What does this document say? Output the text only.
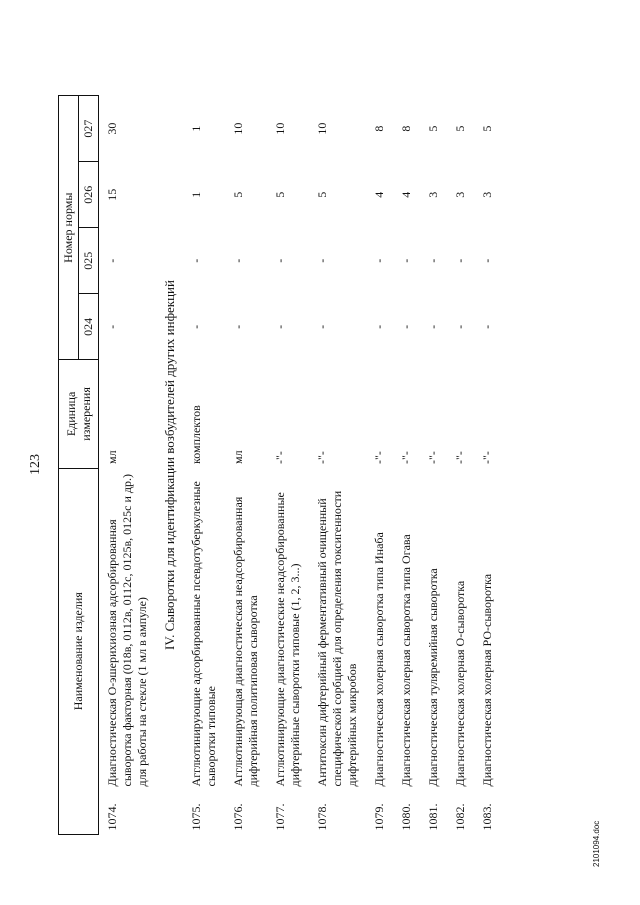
123
Наименование изделия		Единица
измерения	Номер нормы			
			024	025	026	027
1074.	Диагностическая О-эшерихиозная адсорбированная сыворотка факторная (018в, 0112в, 0112с, 0125в, 0125с и др.) для работы на стекле (1 мл в ампуле)	мл	-	-	15	30
IV. Сыворотки для идентификации возбудителей других инфекций						
1075.	Агглютинирующие адсорбированные псевдотуберкулезные сыворотки типовые	комплектов	-	-	1	1
1076.	Агглютинирующая диагностическая неадсорбированная дифтерийная политиповая сыворотка	мл	-	-	5	10
1077.	Агглютинирующие диагностические неадсорбированные дифтерийные сыворотки типовые (1, 2, 3...)	-"-	-	-	5	10
1078.	Антитоксин дифтерийный ферментативный очищенный специфической сорбцией для определения токсигенности дифтерийных микробов	-"-	-	-	5	10
1079.	Диагностическая холерная сыворотка типа Инаба	-"-	-	-	4	8
1080.	Диагностическая холерная сыворотка типа Огава	-"-	-	-	4	8
1081.	Диагностическая туляремийная сыворотка	-"-	-	-	3	5
1082.	Диагностическая холерная О-сыворотка	-"-	-	-	3	5
1083.	Диагностическая холерная РО-сыворотка	-"-	-	-	3	5
2101094.doc
